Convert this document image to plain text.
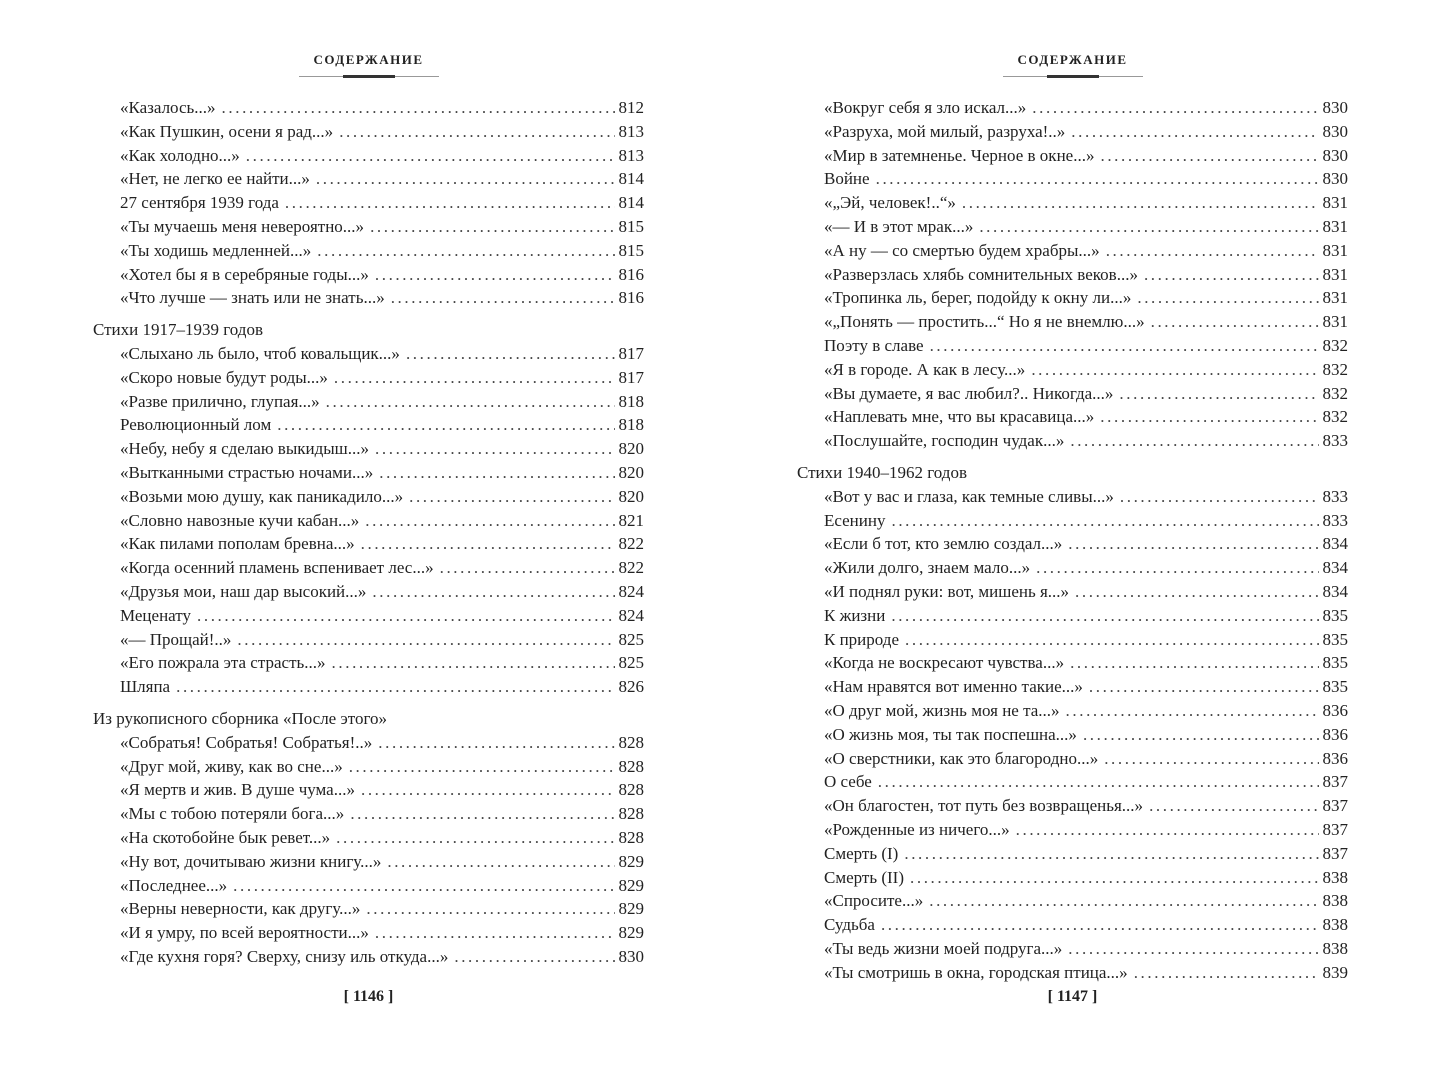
СОДЕРЖАНИЕ
«Казалось...» .....	812
«Как Пушкин, осени я рад...» .....	813
«Как холодно...» .....	813
«Нет, не легко ее найти...» .....	814
27 сентября 1939 года .....	814
«Ты мучаешь меня невероятно...» .....	815
«Ты ходишь медленней...» .....	815
«Хотел бы я в серебряные годы...» .....	816
«Что лучше — знать или не знать...» .....	816
Стихи 1917–1939 годов
«Слыхано ль было, чтоб ковальщик...» .....	817
«Скоро новые будут роды...» .....	817
«Разве прилично, глупая...» .....	818
Революционный лом .....	818
«Небу, небу я сделаю выкидыш...» .....	820
«Вытканными страстью ночами...» .....	820
«Возьми мою душу, как паникадило...» .....	820
«Словно навозные кучи кабан...» .....	821
«Как пилами пополам бревна...» .....	822
«Когда осенний пламень вспенивает лес...» .....	822
«Друзья мои, наш дар высокий...» .....	824
Меценату .....	824
«— Прощай!..» .....	825
«Его пожрала эта страсть...» .....	825
Шляпа .....	826
Из рукописного сборника «После этого»
«Собратья! Собратья! Собратья!..» .....	828
«Друг мой, живу, как во сне...» .....	828
«Я мертв и жив. В душе чума...» .....	828
«Мы с тобою потеряли бога...» .....	828
«На скотобойне бык ревет...» .....	828
«Ну вот, дочитываю жизни книгу...» .....	829
«Последнее...» .....	829
«Верны неверности, как другу...» .....	829
«И я умру, по всей вероятности...» .....	829
«Где кухня горя? Сверху, снизу иль откуда...» .....	830
[ 1146 ]
СОДЕРЖАНИЕ
«Вокруг себя я зло искал...» .....	830
«Разруха, мой милый, разруха!..» .....	830
«Мир в затемненье. Черное в окне...» .....	830
Войне .....	830
«„Эй, человек!..“» .....	831
«— И в этот мрак...» .....	831
«А ну — со смертью будем храбры...» .....	831
«Разверзлась хлябь сомнительных веков...» .....	831
«Тропинка ль, берег, подойду к окну ли...» .....	831
«„Понять — простить...“ Но я не внемлю...» .....	831
Поэту в славе .....	832
«Я в городе. А как в лесу...» .....	832
«Вы думаете, я вас любил?.. Никогда...» .....	832
«Наплевать мне, что вы красавица...» .....	832
«Послушайте, господин чудак...» .....	833
Стихи 1940–1962 годов
«Вот у вас и глаза, как темные сливы...» .....	833
Есенину .....	833
«Если б тот, кто землю создал...» .....	834
«Жили долго, знаем мало...» .....	834
«И поднял руки: вот, мишень я...» .....	834
К жизни .....	835
К природе .....	835
«Когда не воскресают чувства...» .....	835
«Нам нравятся вот именно такие...» .....	835
«О друг мой, жизнь моя не та...» .....	836
«О жизнь моя, ты так поспешна...» .....	836
«О сверстники, как это благородно...» .....	836
О себе .....	837
«Он благостен, тот путь без возвращенья...» .....	837
«Рожденные из ничего...» .....	837
Смерть (I) .....	837
Смерть (II) .....	838
«Спросите...» .....	838
Судьба .....	838
«Ты ведь жизни моей подруга...» .....	838
«Ты смотришь в окна, городская птица...» .....	839
[ 1147 ]
